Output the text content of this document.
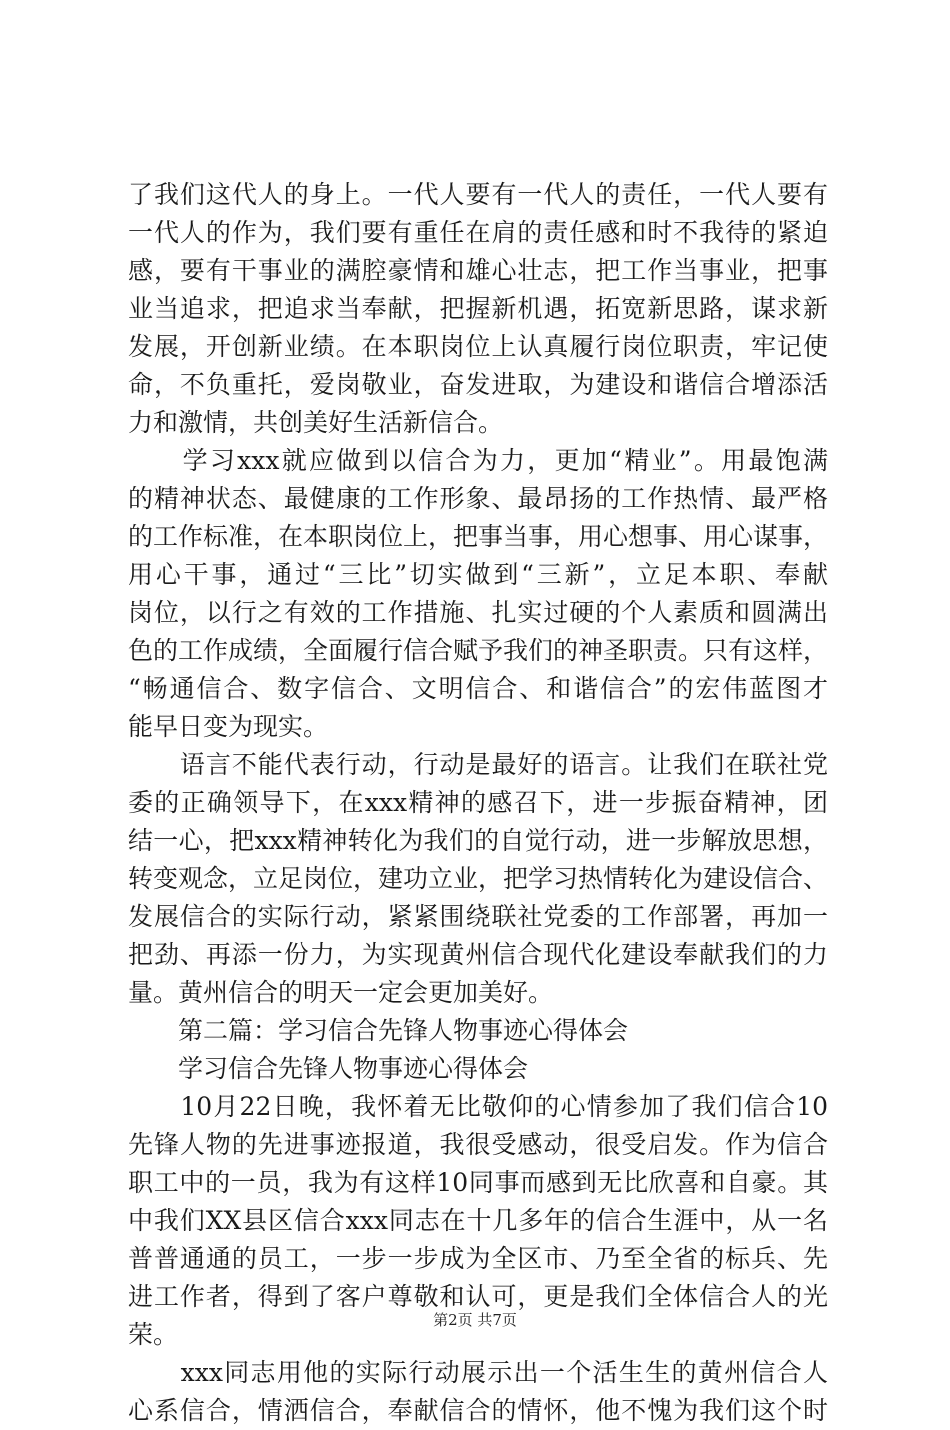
了我们这代人的身上。一代人要有一代人的责任，一代人要有
一代人的作为，我们要有重任在肩的责任感和时不我待的紧迫
感，要有干事业的满腔豪情和雄心壮志，把工作当事业，把事
业当追求，把追求当奉献，把握新机遇，拓宽新思路，谋求新
发展，开创新业绩。在本职岗位上认真履行岗位职责，牢记使
命，不负重托，爱岗敬业，奋发进取，为建设和谐信合增添活
力和激情，共创美好生活新信合。
　　学习xxx就应做到以信合为力，更加“精业”。用最饱满
的精神状态、最健康的工作形象、最昂扬的工作热情、最严格
的工作标准，在本职岗位上，把事当事，用心想事、用心谋事，
用心干事，通过“三比”切实做到“三新”，立足本职、奉献
岗位，以行之有效的工作措施、扎实过硬的个人素质和圆满出
色的工作成绩，全面履行信合赋予我们的神圣职责。只有这样，
“畅通信合、数字信合、文明信合、和谐信合”的宏伟蓝图才
能早日变为现实。
　　语言不能代表行动，行动是最好的语言。让我们在联社党
委的正确领导下，在xxx精神的感召下，进一步振奋精神，团
结一心，把xxx精神转化为我们的自觉行动，进一步解放思想，
转变观念，立足岗位，建功立业，把学习热情转化为建设信合、
发展信合的实际行动，紧紧围绕联社党委的工作部署，再加一
把劲、再添一份力，为实现黄州信合现代化建设奉献我们的力
量。黄州信合的明天一定会更加美好。
　　第二篇：学习信合先锋人物事迹心得体会
　　学习信合先锋人物事迹心得体会
　　10月22日晚，我怀着无比敬仰的心情参加了我们信合10
先锋人物的先进事迹报道，我很受感动，很受启发。作为信合
职工中的一员，我为有这样10同事而感到无比欣喜和自豪。其
中我们XX县区信合xxx同志在十几多年的信合生涯中，从一名
普普通通的员工，一步一步成为全区市、乃至全省的标兵、先
进工作者，得到了客户尊敬和认可，更是我们全体信合人的光
荣。
　　xxx同志用他的实际行动展示出一个活生生的黄州信合人
心系信合，情洒信合，奉献信合的情怀，他不愧为我们这个时
第2页 共7页
